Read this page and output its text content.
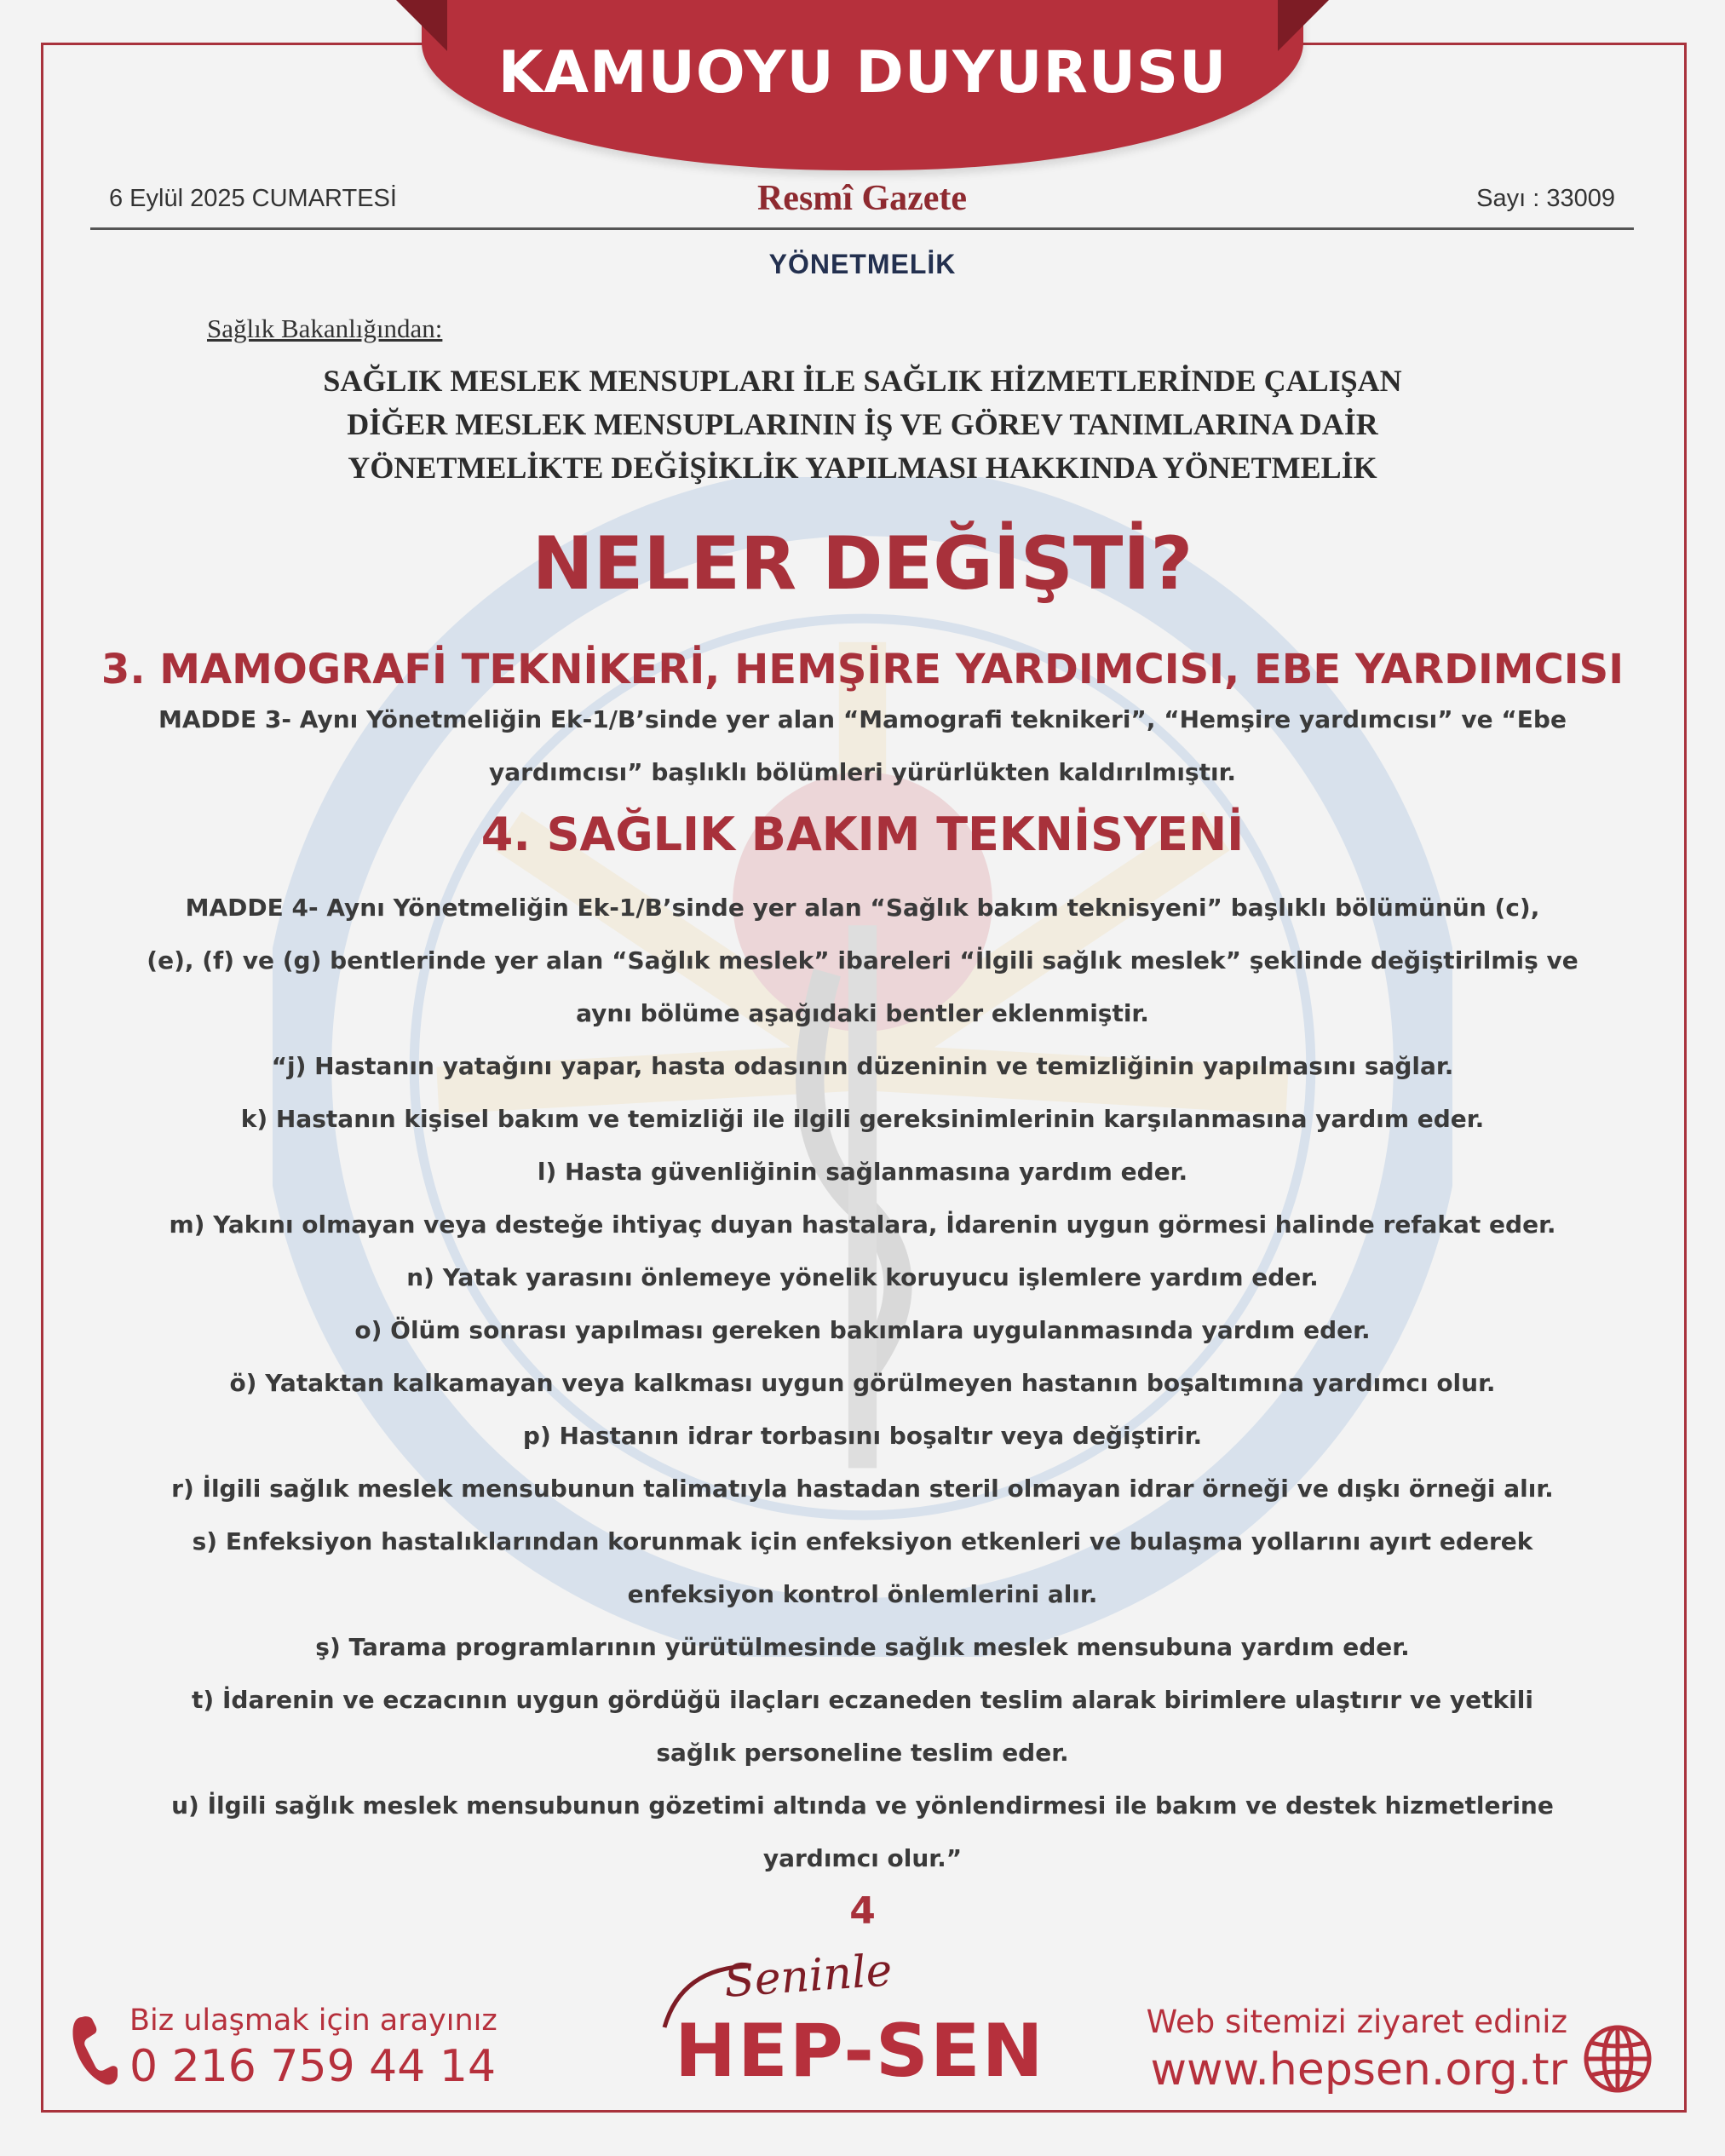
KAMUOYU DUYURUSU
6 Eylül 2025 CUMARTESİ	Resmî Gazete	Sayı : 33009
YÖNETMELİK
Sağlık Bakanlığından:
SAĞLIK MESLEK MENSUPLARI İLE SAĞLIK HİZMETLERİNDE ÇALIŞAN
DİĞER MESLEK MENSUPLARININ İŞ VE GÖREV TANIMLARINA DAİR
YÖNETMELİKTE DEĞİŞİKLİK YAPILMASI HAKKINDA YÖNETMELİK
NELER DEĞİŞTİ?
3. MAMOGRAFİ TEKNİKERİ, HEMŞİRE YARDIMCISI, EBE YARDIMCISI
MADDE 3- Aynı Yönetmeliğin Ek-1/B’sinde yer alan “Mamografi teknikeri”, “Hemşire yardımcısı” ve “Ebe
yardımcısı” başlıklı bölümleri yürürlükten kaldırılmıştır.
4. SAĞLIK BAKIM TEKNİSYENİ
MADDE 4- Aynı Yönetmeliğin Ek-1/B’sinde yer alan “Sağlık bakım teknisyeni” başlıklı bölümünün (c),
(e), (f) ve (g) bentlerinde yer alan “Sağlık meslek” ibareleri “İlgili sağlık meslek” şeklinde değiştirilmiş ve
aynı bölüme aşağıdaki bentler eklenmiştir.
“j) Hastanın yatağını yapar, hasta odasının düzeninin ve temizliğinin yapılmasını sağlar.
k) Hastanın kişisel bakım ve temizliği ile ilgili gereksinimlerinin karşılanmasına yardım eder.
l) Hasta güvenliğinin sağlanmasına yardım eder.
m) Yakını olmayan veya desteğe ihtiyaç duyan hastalara, İdarenin uygun görmesi halinde refakat eder.
n) Yatak yarasını önlemeye yönelik koruyucu işlemlere yardım eder.
o) Ölüm sonrası yapılması gereken bakımlara uygulanmasında yardım eder.
ö) Yataktan kalkamayan veya kalkması uygun görülmeyen hastanın boşaltımına yardımcı olur.
p) Hastanın idrar torbasını boşaltır veya değiştirir.
r) İlgili sağlık meslek mensubunun talimatıyla hastadan steril olmayan idrar örneği ve dışkı örneği alır.
s) Enfeksiyon hastalıklarından korunmak için enfeksiyon etkenleri ve bulaşma yollarını ayırt ederek
enfeksiyon kontrol önlemlerini alır.
ş) Tarama programlarının yürütülmesinde sağlık meslek mensubuna yardım eder.
t) İdarenin ve eczacının uygun gördüğü ilaçları eczaneden teslim alarak birimlere ulaştırır ve yetkili
sağlık personeline teslim eder.
u) İlgili sağlık meslek mensubunun gözetimi altında ve yönlendirmesi ile bakım ve destek hizmetlerine
yardımcı olur.”
4
Biz ulaşmak için arayınız
0 216 759 44 14
Seninle
HEP-SEN	Web sitemizi ziyaret ediniz
www.hepsen.org.tr
